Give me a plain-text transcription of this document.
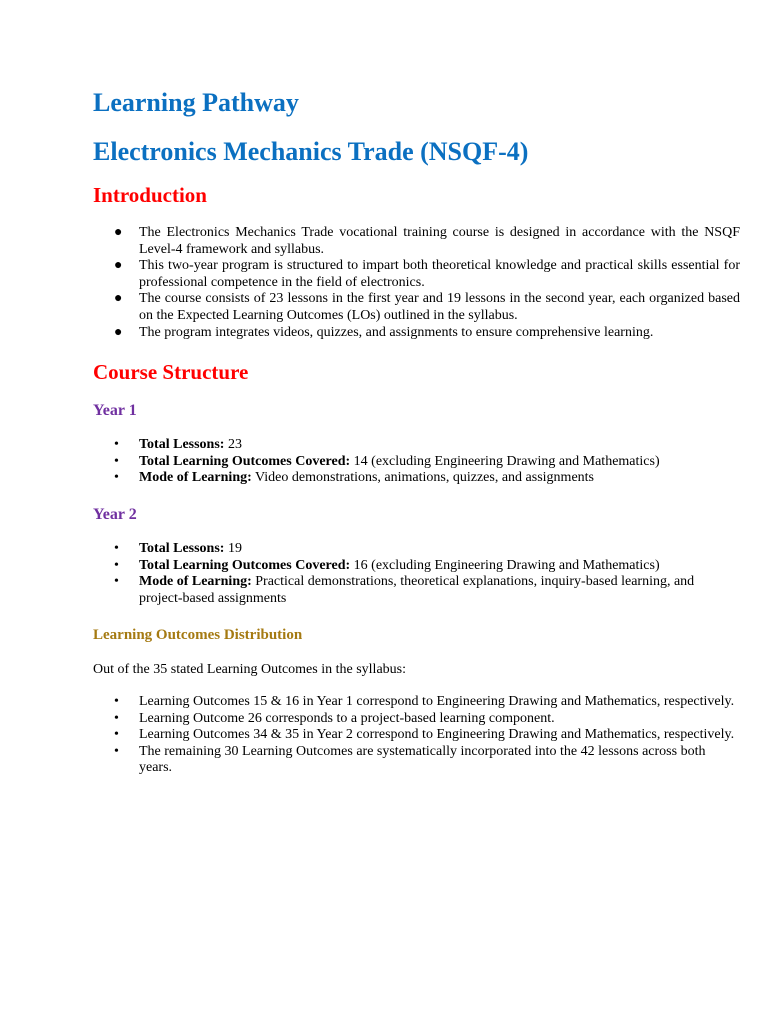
Learning Pathway
Electronics Mechanics Trade (NSQF-4)
Introduction
● The Electronics Mechanics Trade vocational training course is designed in accordance with the NSQF Level-4 framework and syllabus.
● This two-year program is structured to impart both theoretical knowledge and practical skills essential for professional competence in the field of electronics.
● The course consists of 23 lessons in the first year and 19 lessons in the second year, each organized based on the Expected Learning Outcomes (LOs) outlined in the syllabus.
● The program integrates videos, quizzes, and assignments to ensure comprehensive learning.
Course Structure
Year 1
• Total Lessons: 23
• Total Learning Outcomes Covered: 14 (excluding Engineering Drawing and Mathematics)
• Mode of Learning: Video demonstrations, animations, quizzes, and assignments
Year 2
• Total Lessons: 19
• Total Learning Outcomes Covered: 16 (excluding Engineering Drawing and Mathematics)
• Mode of Learning: Practical demonstrations, theoretical explanations, inquiry-based learning, and project-based assignments
Learning Outcomes Distribution

Out of the 35 stated Learning Outcomes in the syllabus:

• Learning Outcomes 15 & 16 in Year 1 correspond to Engineering Drawing and Mathematics, respectively.
• Learning Outcome 26 corresponds to a project-based learning component.
• Learning Outcomes 34 & 35 in Year 2 correspond to Engineering Drawing and Mathematics, respectively.
• The remaining 30 Learning Outcomes are systematically incorporated into the 42 lessons across both years.
